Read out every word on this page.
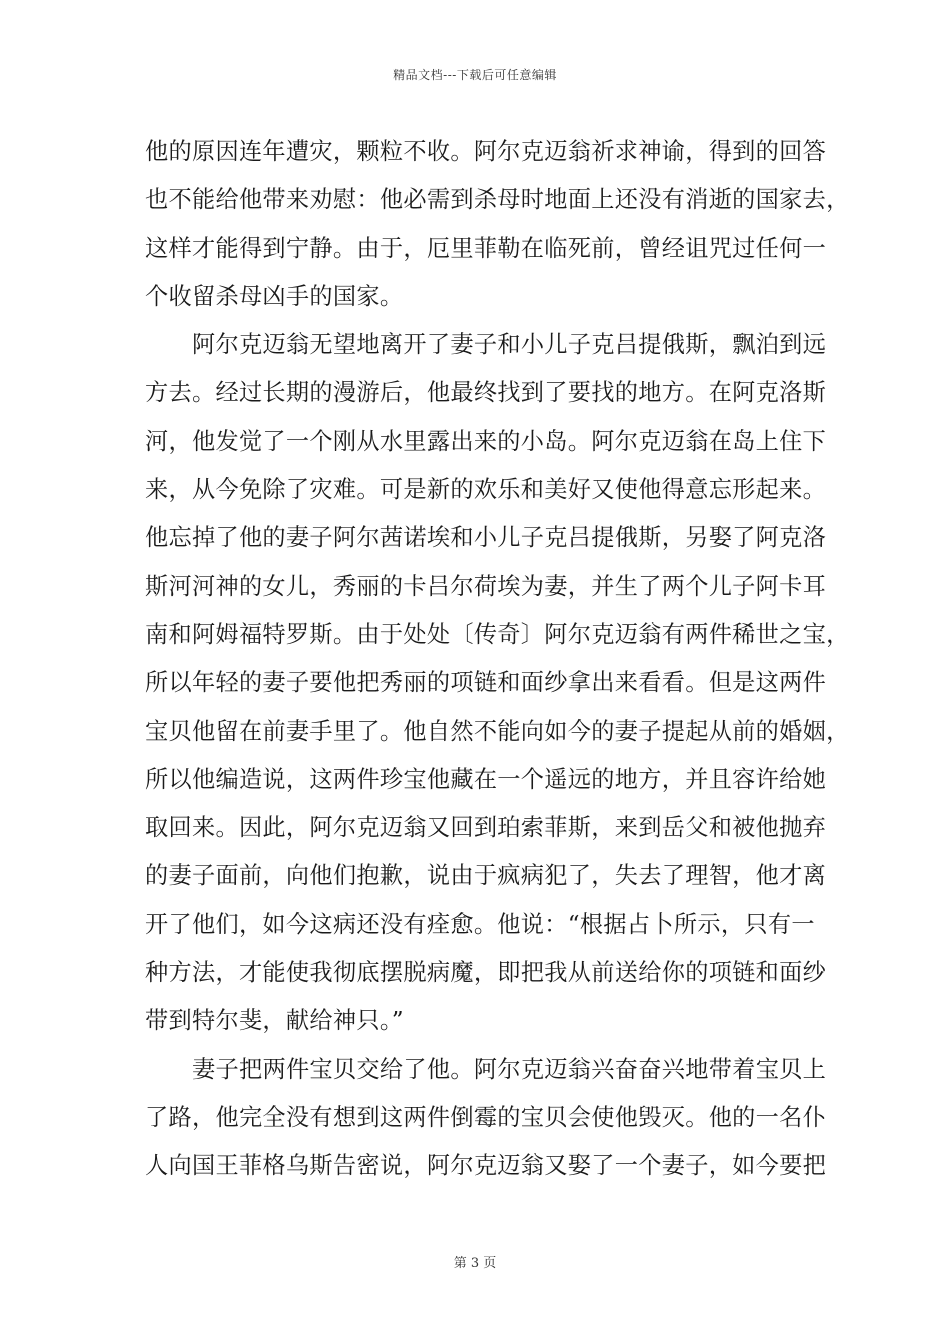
精品文档---下载后可任意编辑
他的原因连年遭灾，颗粒不收。阿尔克迈翁祈求神谕，得到的回答
也不能给他带来劝慰：他必需到杀母时地面上还没有消逝的国家去，
这样才能得到宁静。由于，厄里菲勒在临死前，曾经诅咒过任何一
个收留杀母凶手的国家。
阿尔克迈翁无望地离开了妻子和小儿子克吕提俄斯，飘泊到远
方去。经过长期的漫游后，他最终找到了要找的地方。在阿克洛斯
河，他发觉了一个刚从水里露出来的小岛。阿尔克迈翁在岛上住下
来，从今免除了灾难。可是新的欢乐和美好又使他得意忘形起来。
他忘掉了他的妻子阿尔茜诺埃和小儿子克吕提俄斯，另娶了阿克洛
斯河河神的女儿，秀丽的卡吕尔荷埃为妻，并生了两个儿子阿卡耳
南和阿姆福特罗斯。由于处处〔传奇〕阿尔克迈翁有两件稀世之宝，
所以年轻的妻子要他把秀丽的项链和面纱拿出来看看。但是这两件
宝贝他留在前妻手里了。他自然不能向如今的妻子提起从前的婚姻，
所以他编造说，这两件珍宝他藏在一个遥远的地方，并且容许给她
取回来。因此，阿尔克迈翁又回到珀索菲斯，来到岳父和被他抛弃
的妻子面前，向他们抱歉，说由于疯病犯了，失去了理智，他才离
开了他们，如今这病还没有痊愈。他说：“根据占卜所示，只有一
种方法，才能使我彻底摆脱病魔，即把我从前送给你的项链和面纱
带到特尔斐，献给神只。”
妻子把两件宝贝交给了他。阿尔克迈翁兴奋奋兴地带着宝贝上
了路，他完全没有想到这两件倒霉的宝贝会使他毁灭。他的一名仆
人向国王菲格乌斯告密说，阿尔克迈翁又娶了一个妻子，如今要把
第 3 页
